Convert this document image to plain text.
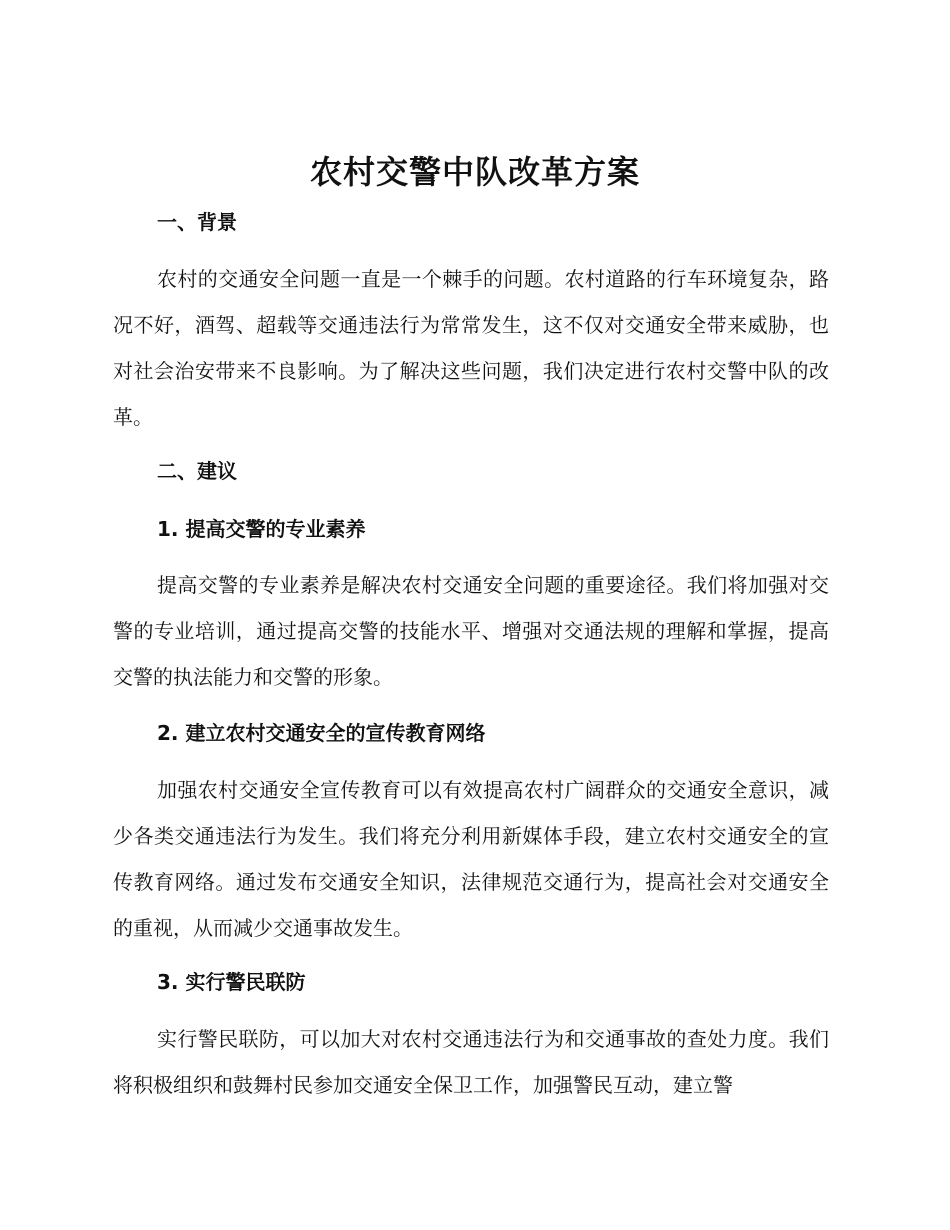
农村交警中队改革方案
一、背景

农村的交通安全问题一直是一个棘手的问题。农村道路的行车环境复杂，路况不好，酒驾、超载等交通违法行为常常发生，这不仅对交通安全带来威胁，也对社会治安带来不良影响。为了解决这些问题，我们决定进行农村交警中队的改革。

二、建议
1. 提高交警的专业素养

提高交警的专业素养是解决农村交通安全问题的重要途径。我们将加强对交警的专业培训，通过提高交警的技能水平、增强对交通法规的理解和掌握，提高交警的执法能力和交警的形象。

2. 建立农村交通安全的宣传教育网络

加强农村交通安全宣传教育可以有效提高农村广阔群众的交通安全意识，减少各类交通违法行为发生。我们将充分利用新媒体手段，建立农村交通安全的宣传教育网络。通过发布交通安全知识，法律规范交通行为，提高社会对交通安全的重视，从而减少交通事故发生。

3. 实行警民联防

实行警民联防，可以加大对农村交通违法行为和交通事故的查处力度。我们将积极组织和鼓舞村民参加交通安全保卫工作，加强警民互动，建立警
